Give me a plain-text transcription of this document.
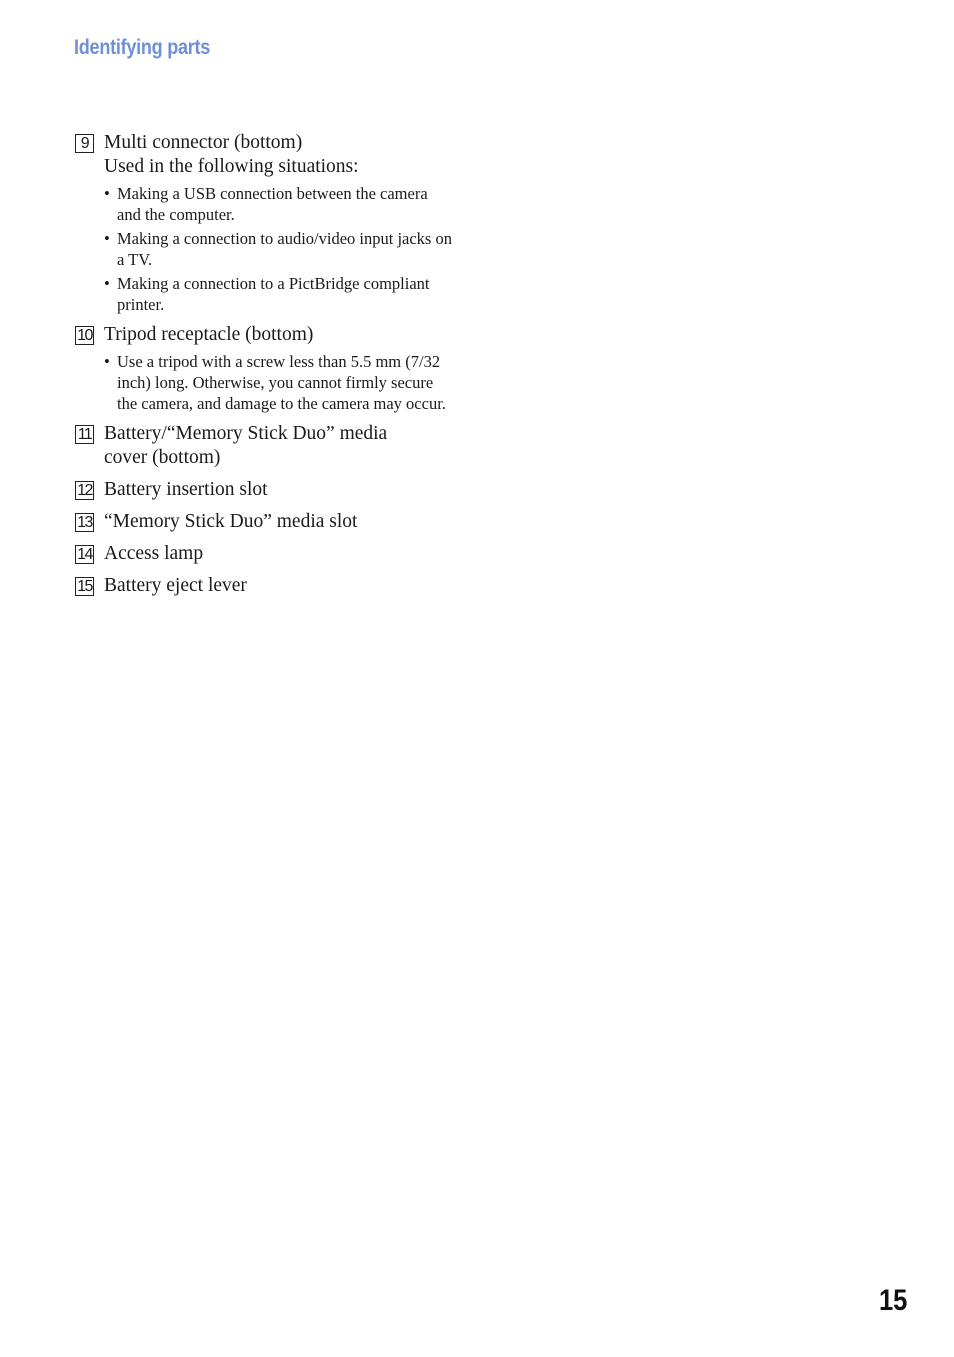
Identifying parts
9 Multi connector (bottom)
Used in the following situations:
• Making a USB connection between the camera and the computer.
• Making a connection to audio/video input jacks on a TV.
• Making a connection to a PictBridge compliant printer.
10 Tripod receptacle (bottom)
• Use a tripod with a screw less than 5.5 mm (7/32 inch) long. Otherwise, you cannot firmly secure the camera, and damage to the camera may occur.
11 Battery/“Memory Stick Duo” media
cover (bottom)
12 Battery insertion slot
13 “Memory Stick Duo” media slot
14 Access lamp
15 Battery eject lever
15
